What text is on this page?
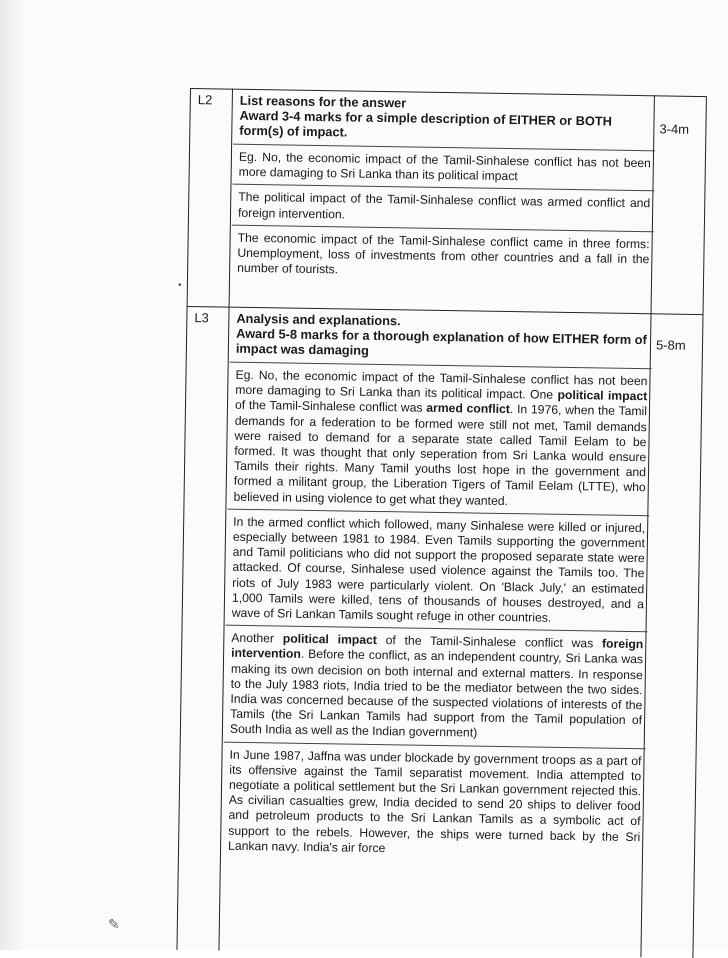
L2
3-4m
List reasons for the answer
Award 3-4 marks for a simple description of EITHER or BOTH form(s) of impact.

Eg. No, the economic impact of the Tamil-Sinhalese conflict has not been more damaging to Sri Lanka than its political impact

The political impact of the Tamil-Sinhalese conflict was armed conflict and foreign intervention.

The economic impact of the Tamil-Sinhalese conflict came in three forms: Unemployment, loss of investments from other countries and a fall in the number of tourists.

L3
5-8m
Analysis and explanations.
Award 5-8 marks for a thorough explanation of how EITHER form of impact was damaging

Eg. No, the economic impact of the Tamil-Sinhalese conflict has not been more damaging to Sri Lanka than its political impact. One political impact of the Tamil-Sinhalese conflict was armed conflict. In 1976, when the Tamil demands for a federation to be formed were still not met, Tamil demands were raised to demand for a separate state called Tamil Eelam to be formed. It was thought that only seperation from Sri Lanka would ensure Tamils their rights. Many Tamil youths lost hope in the government and formed a militant group, the Liberation Tigers of Tamil Eelam (LTTE), who believed in using violence to get what they wanted.

In the armed conflict which followed, many Sinhalese were killed or injured, especially between 1981 to 1984. Even Tamils supporting the government and Tamil politicians who did not support the proposed separate state were attacked. Of course, Sinhalese used violence against the Tamils too. The riots of July 1983 were particularly violent. On 'Black July,' an estimated 1,000 Tamils were killed, tens of thousands of houses destroyed, and a wave of Sri Lankan Tamils sought refuge in other countries.

Another political impact of the Tamil-Sinhalese conflict was foreign intervention. Before the conflict, as an independent country, Sri Lanka was making its own decision on both internal and external matters. In response to the July 1983 riots, India tried to be the mediator between the two sides. India was concerned because of the suspected violations of interests of the Tamils (the Sri Lankan Tamils had support from the Tamil population of South India as well as the Indian government)

In June 1987, Jaffna was under blockade by government troops as a part of its offensive against the Tamil separatist movement. India attempted to negotiate a political settlement but the Sri Lankan government rejected this. As civilian casualties grew, India decided to send 20 ships to deliver food and petroleum products to the Sri Lankan Tamils as a symbolic act of support to the rebels. However, the ships were turned back by the Sri Lankan navy. India's air force

•
✎
